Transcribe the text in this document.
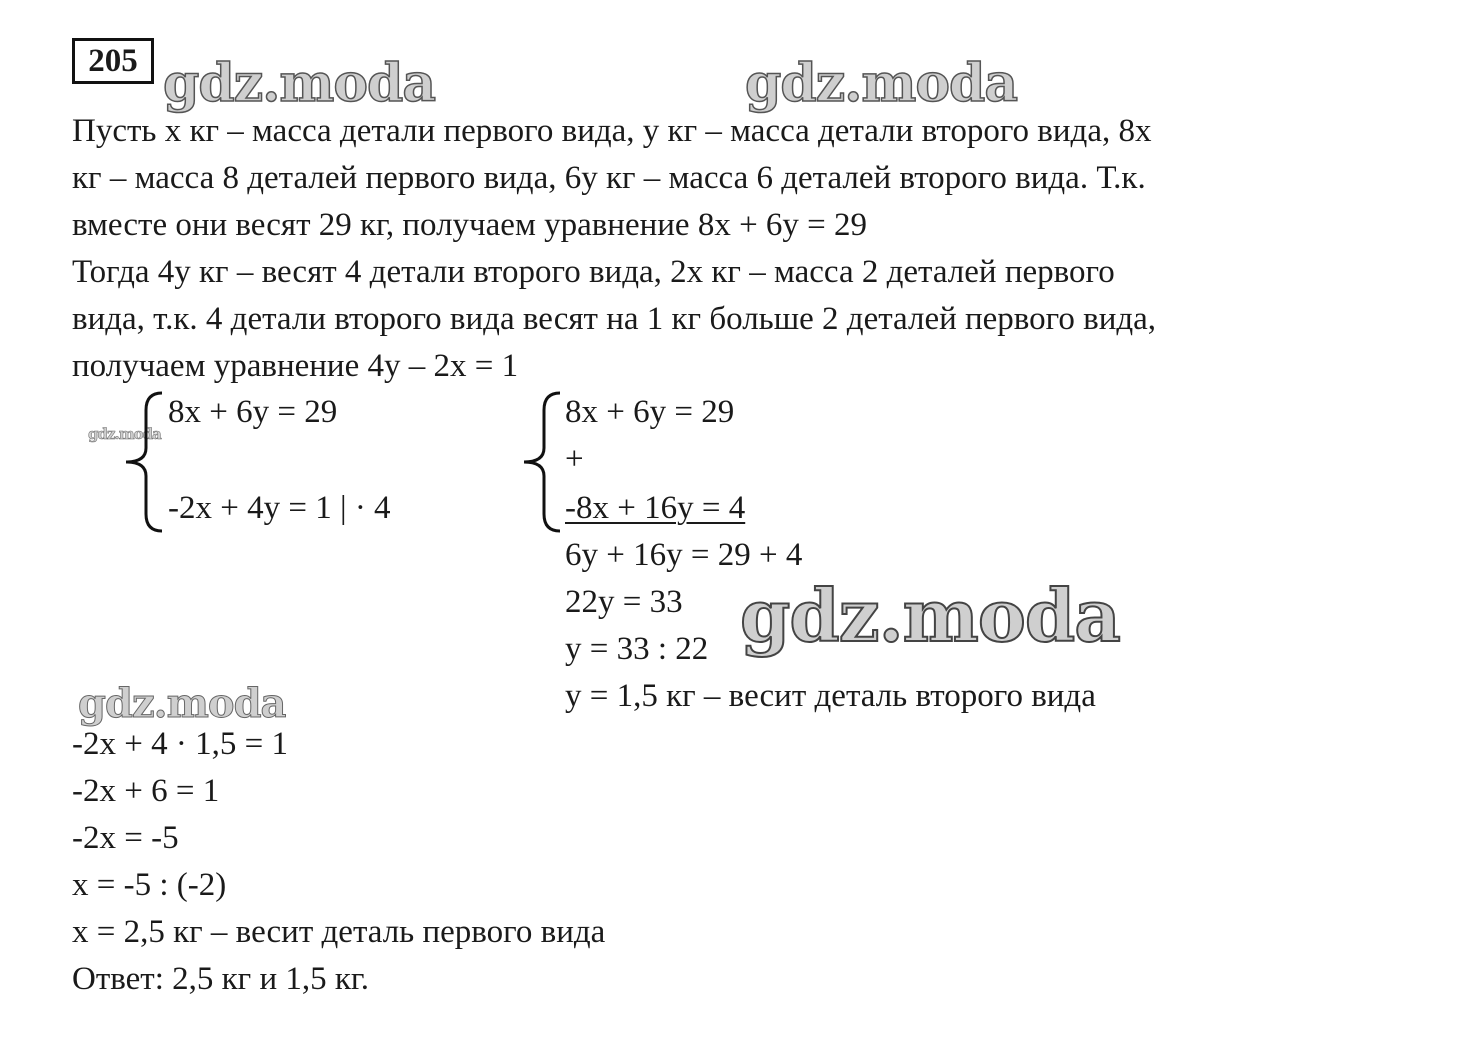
205 gdz.moda	gdz.moda
gdz.moda
gdz.moda
gdz.moda
Пусть x кг – масса детали первого вида, y кг – масса детали второго вида, 8x
кг – масса 8 деталей первого вида, 6y кг – масса 6 деталей второго вида. Т.к.
вместе они весят 29 кг, получаем уравнение 8x + 6y = 29
Тогда 4y кг – весят 4 детали второго вида, 2x кг – масса 2 деталей первого
вида, т.к. 4 детали второго вида весят на 1 кг больше 2 деталей первого вида,
получаем уравнение 4y – 2x = 1
8x + 6y = 29
-2x + 4y = 1 | · 4
8x + 6y = 29
+
-8x + 16y = 4
6y + 16y = 29 + 4
22y = 33
y = 33 : 22
y = 1,5 кг – весит деталь второго вида
-2x + 4 · 1,5 = 1
-2x + 6 = 1
-2x = -5
x = -5 : (-2)
x = 2,5 кг – весит деталь первого вида
Ответ: 2,5 кг и 1,5 кг.
